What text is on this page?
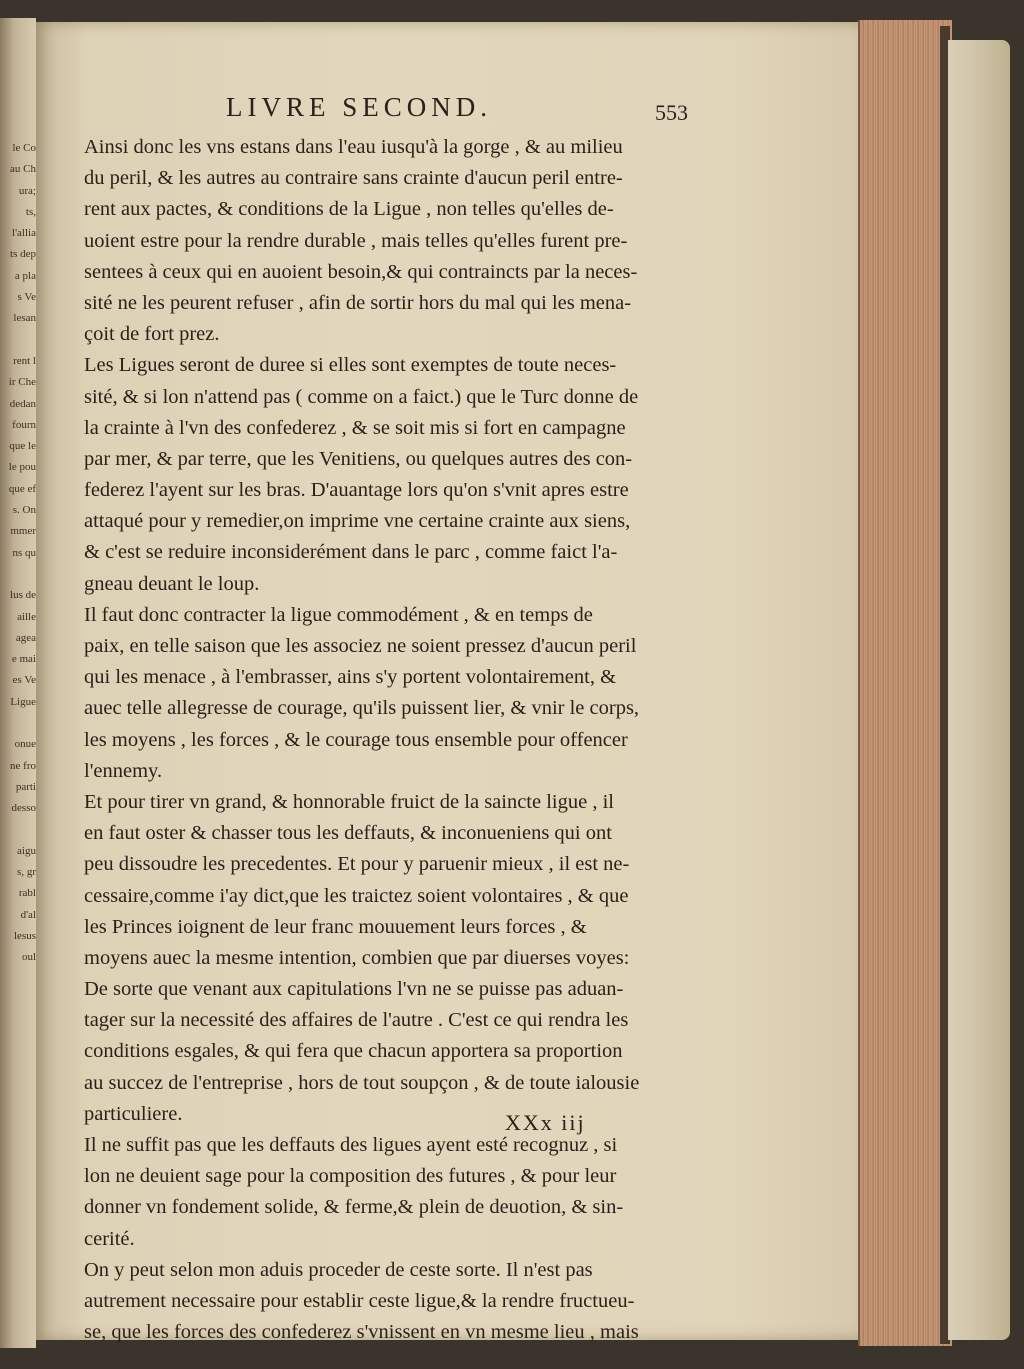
le Co
au Ch
ura;
ts,
l'allia
ts dep
a pla
s Ve
lesan
rent l
ir Che
dedan
fourn
que le
le pou
que ef
s. On
mmer
ns qu
lus de
aille
agea
e mai
es Ve
Ligue
onue
ne fro
parti
desso
aigu
s, gr
rabl
d'al
lesus
oul
LIVRE SECOND.	553
Ainsi donc les vns estans dans l'eau iusqu'à la gorge , & au milieu
du peril, & les autres au contraire sans crainte d'aucun peril entre-
rent aux pactes, & conditions de la Ligue , non telles qu'elles de-
uoient estre pour la rendre durable , mais telles qu'elles furent pre-
sentees à ceux qui en auoient besoin,& qui contraincts par la neces-
sité ne les peurent refuser , afin de sortir hors du mal qui les mena-
çoit de fort prez.
Les Ligues seront de duree si elles sont exemptes de toute neces-
sité, & si lon n'attend pas ( comme on a faict.) que le Turc donne de
la crainte à l'vn des confederez , & se soit mis si fort en campagne
par mer, & par terre, que les Venitiens, ou quelques autres des con-
federez l'ayent sur les bras. D'auantage lors qu'on s'vnit apres estre
attaqué pour y remedier,on imprime vne certaine crainte aux siens,
& c'est se reduire inconsiderément dans le parc , comme faict l'a-
gneau deuant le loup.
Il faut donc contracter la ligue commodément , & en temps de
paix, en telle saison que les associez ne soient pressez d'aucun peril
qui les menace , à l'embrasser, ains s'y portent volontairement, &
auec telle allegresse de courage, qu'ils puissent lier, & vnir le corps,
les moyens , les forces , & le courage tous ensemble pour offencer
l'ennemy.
Et pour tirer vn grand, & honnorable fruict de la saincte ligue , il
en faut oster & chasser tous les deffauts, & inconueniens qui ont
peu dissoudre les precedentes. Et pour y paruenir mieux , il est ne-
cessaire,comme i'ay dict,que les traictez soient volontaires , & que
les Princes ioignent de leur franc mouuement leurs forces , &
moyens auec la mesme intention, combien que par diuerses voyes:
De sorte que venant aux capitulations l'vn ne se puisse pas aduan-
tager sur la necessité des affaires de l'autre . C'est ce qui rendra les
conditions esgales, & qui fera que chacun apportera sa proportion
au succez de l'entreprise , hors de tout soupçon , & de toute ialousie
particuliere.
Il ne suffit pas que les deffauts des ligues ayent esté recognuz , si
lon ne deuient sage pour la composition des futures , & pour leur
donner vn fondement solide, & ferme,& plein de deuotion, & sin-
cerité.
On y peut selon mon aduis proceder de ceste sorte. Il n'est pas
autrement necessaire pour establir ceste ligue,& la rendre fructueu-
se, que les forces des confederez s'vnissent en vn mesme lieu , mais
XXx iij
